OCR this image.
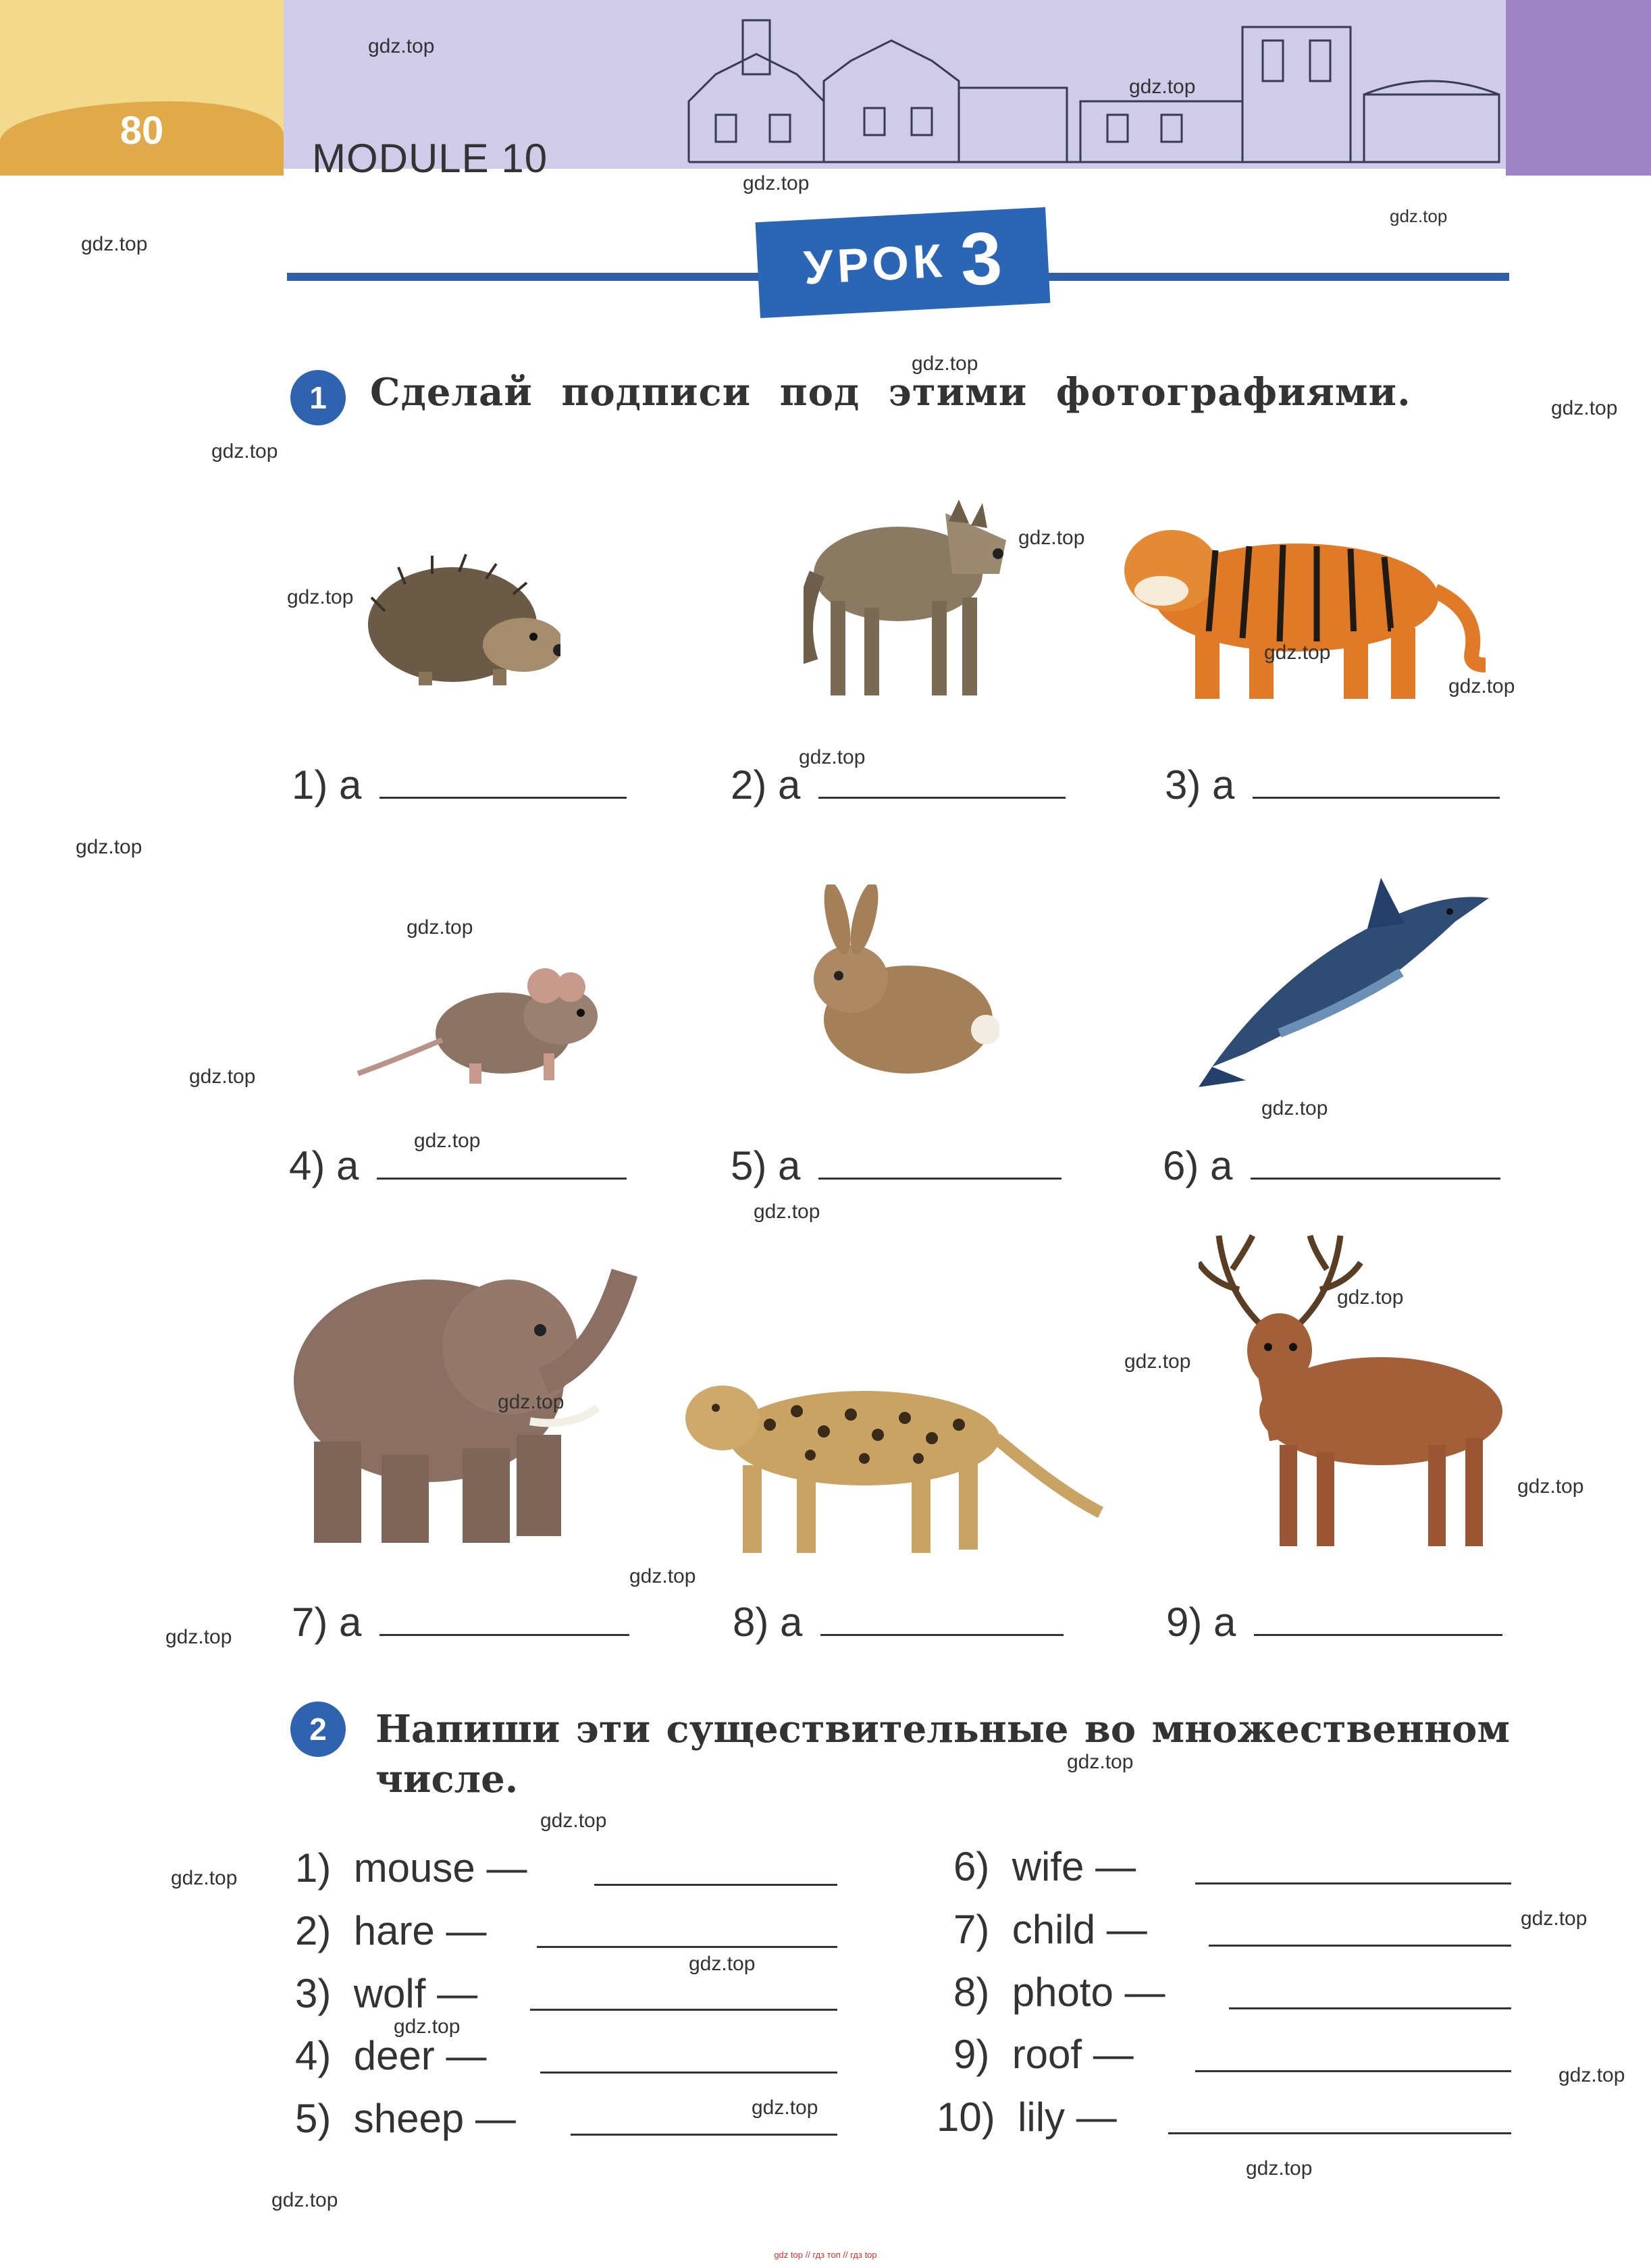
80
MODULE 10
УРОК 3
1	Сделай подписи под этими фотографиями.
1) a	2) a	3) a
4) a	5) a	6) a
7) a	8) a	9) a
2	Напиши эти существительные во множественном числе.
1) mouse —
2) hare —
3) wolf —
4) deer —
5) sheep —
6) wife —
7) child —
8) photo —
9) roof —
10) lily —
gdz.top
gdz.top
gdz.top
gdz.top
gdz.top
gdz.top
gdz.top
gdz.top
gdz.top
gdz.top
gdz.top
gdz.top
gdz.top
gdz.top
gdz.top
gdz.top
gdz.top
gdz.top
gdz.top
gdz.top
gdz.top
gdz.top
gdz.top
gdz.top
gdz.top
gdz.top
gdz.top
gdz.top
gdz.top
gdz.top
gdz.top
gdz.top
gdz.top
gdz.top
gdz.top
gdz top // гдз топ // гдз top
